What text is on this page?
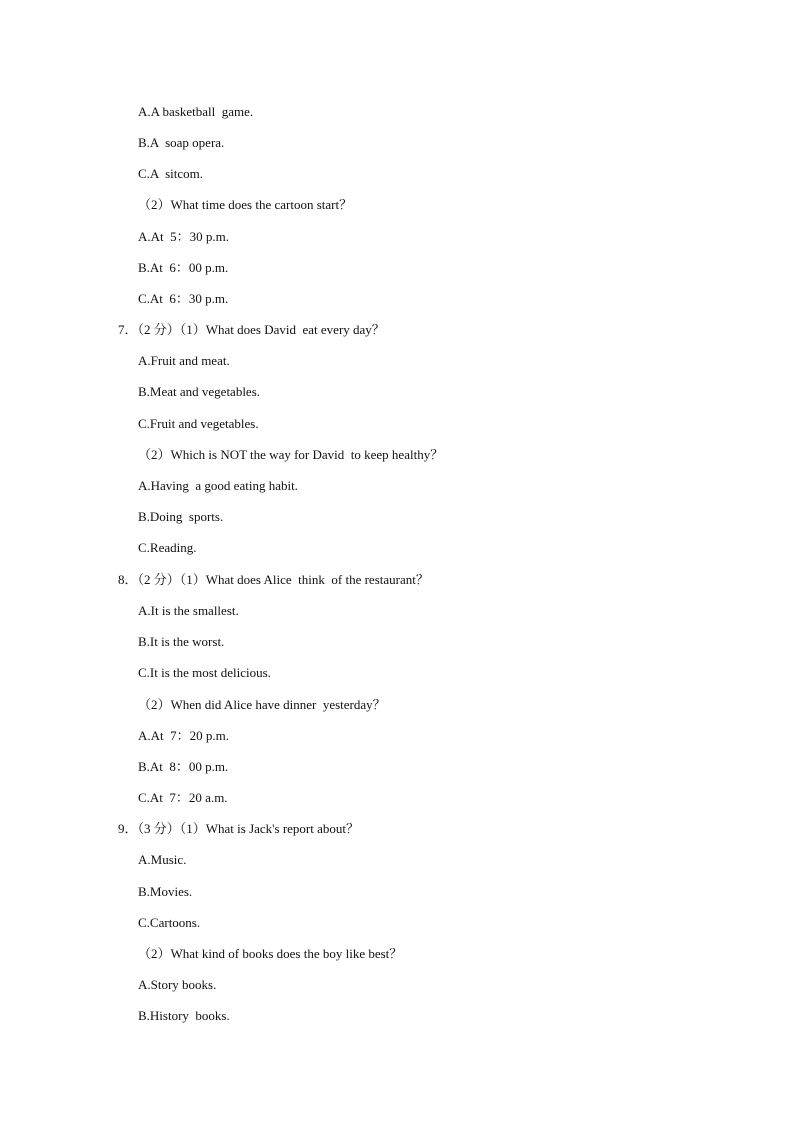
A.A basketball  game.
B.A  soap opera.
C.A  sitcom.
（2）What time does the cartoon start？
A.At  5：30 p.m.
B.At  6：00 p.m.
C.At  6：30 p.m.
7．（2 分）（1）What does David  eat every day？
A.Fruit and meat.
B.Meat and vegetables.
C.Fruit and vegetables.
（2）Which is NOT the way for David  to keep healthy？
A.Having  a good eating habit.
B.Doing  sports.
C.Reading.
8．（2 分）（1）What does Alice  think  of the restaurant？
A.It is the smallest.
B.It is the worst.
C.It is the most delicious.
（2）When did Alice have dinner  yesterday？
A.At  7：20 p.m.
B.At  8：00 p.m.
C.At  7：20 a.m.
9．（3 分）（1）What is Jack's report about？
A.Music.
B.Movies.
C.Cartoons.
（2）What kind of books does the boy like best？
A.Story books.
B.History  books.
